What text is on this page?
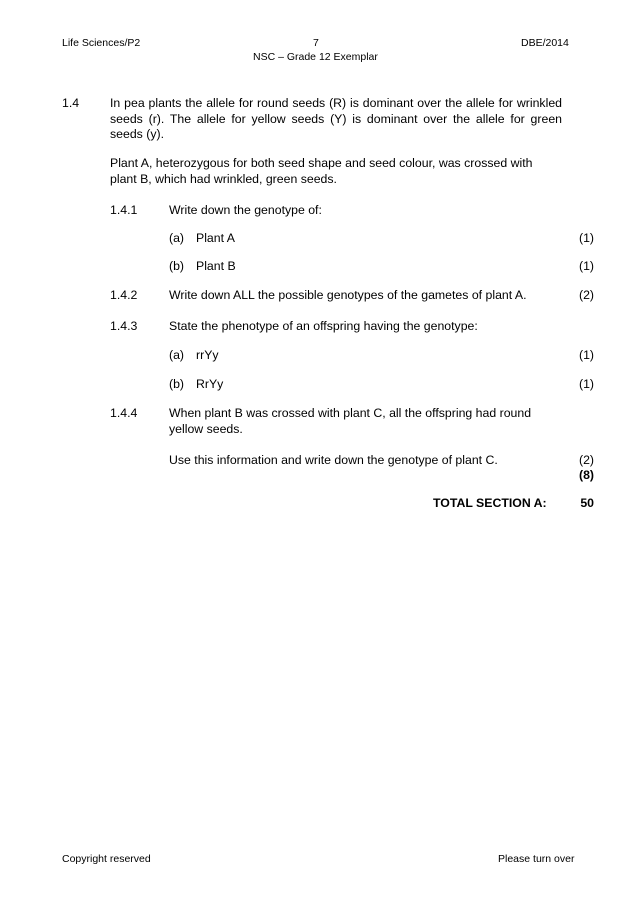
Life Sciences/P2	7	DBE/2014
NSC – Grade 12 Exemplar
1.4	In pea plants the allele for round seeds (R) is dominant over the allele for wrinkled seeds (r). The allele for yellow seeds (Y) is dominant over the allele for green seeds (y).
Plant A, heterozygous for both seed shape and seed colour, was crossed with plant B, which had wrinkled, green seeds.
1.4.1	Write down the genotype of:
(a) Plant A	(1)
(b) Plant B	(1)
1.4.2	Write down ALL the possible genotypes of the gametes of plant A.	(2)
1.4.3	State the phenotype of an offspring having the genotype:
(a) rrYy	(1)
(b) RrYy	(1)
1.4.4	When plant B was crossed with plant C, all the offspring had round yellow seeds.
Use this information and write down the genotype of plant C.	(2)
(8)
TOTAL SECTION A:	50
Copyright reserved	Please turn over
